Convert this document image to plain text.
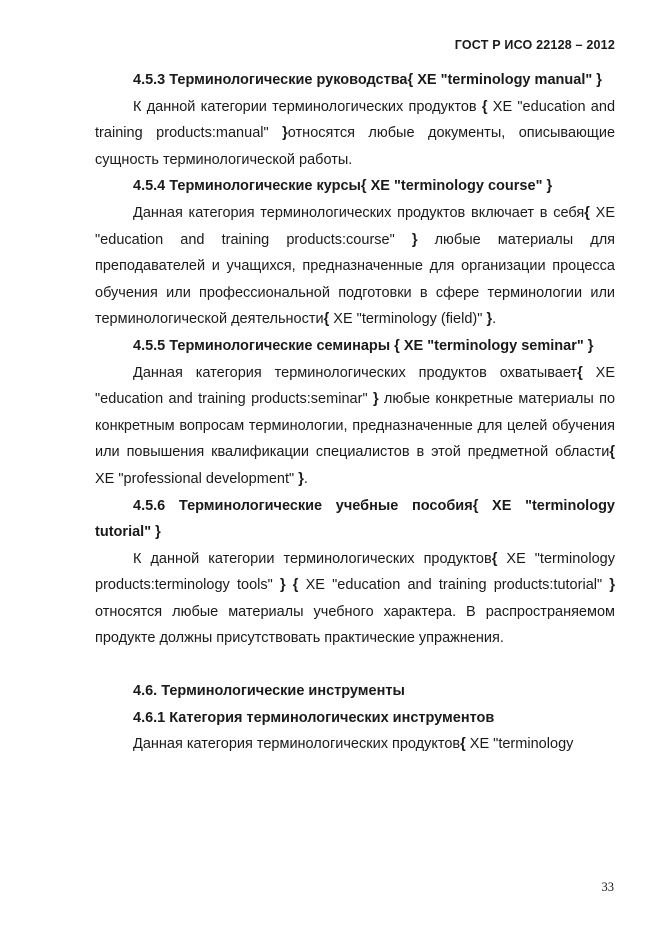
ГОСТ Р ИСО 22128 – 2012

4.5.3 Терминологические руководства{ XE "terminology manual" }

К данной категории терминологических продуктов { XE "education and training products:manual" }относятся любые документы, описывающие сущность терминологической работы.

4.5.4 Терминологические курсы{ XE "terminology course" }

Данная категория терминологических продуктов включает в себя{ XE "education and training products:course" } любые материалы для преподавателей и учащихся, предназначенные для организации процесса обучения или профессиональной подготовки в сфере терминологии или терминологической деятельности{ XE "terminology (field)" }.

4.5.5 Терминологические семинары { XE "terminology seminar" }

Данная категория терминологических продуктов охватывает{ XE "education and training products:seminar" } любые конкретные материалы по конкретным вопросам терминологии, предназначенные для целей обучения или повышения квалификации специалистов в этой предметной области{ XE "professional development" }.

4.5.6 Терминологические учебные пособия{ XE "terminology tutorial" }

К данной категории терминологических продуктов{ XE "terminology products:terminology tools" } { XE "education and training products:tutorial" }относятся любые материалы учебного характера. В распространяемом продукте должны присутствовать практические упражнения.

4.6. Терминологические инструменты

4.6.1 Категория терминологических инструментов

Данная категория терминологических продуктов{ XE "terminology

33
